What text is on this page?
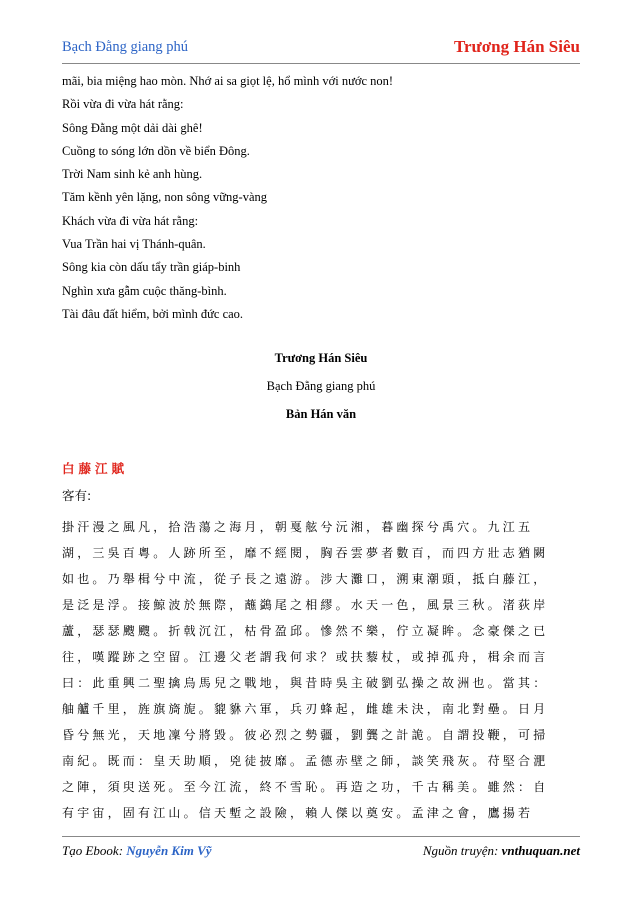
Bạch Đằng giang phú	Trương Hán Siêu
mãi, bia miệng hao mòn. Nhớ ai sa giọt lệ, hổ mình với nước non!
Rồi vừa đi vừa hát rằng:
Sông Đằng một dải dài ghê!
Cuồng to sóng lớn dồn về biển Đông.
Trời Nam sinh kẻ anh hùng.
Tăm kềnh yên lặng, non sông vững-vàng
Khách vừa đi vừa hát rằng:
Vua Trần hai vị Thánh-quân.
Sông kia còn dấu tẩy trần giáp-binh
Nghìn xưa gẫm cuộc thăng-bình.
Tài đâu đất hiểm, bởi mình đức cao.
Trương Hán Siêu
Bạch Đằng giang phú
Bản Hán văn
白藤江賦
客有:
掛汗漫之風凡，拾浩蕩之海月，朝戛舷兮沅湘，暮幽探兮禹穴。九江五
湖，三吳百粵。人跡所至，靡不經閱，胸吞雲夢者數百，而四方壯志猶闕
如也。乃舉楫兮中流，從子長之遠游。涉大灘口，溯東潮頭，抵白藤江，
是泛是浮。接鯨波於無際，蘸鷁尾之相繆。水天一色，風景三秋。渚荻岸
蘆，瑟瑟颼颼。折戟沉江，枯骨盈邱。慘然不樂，佇立凝眸。念豪傑之已
往，嘆蹤跡之空留。江邊父老謂我何求？或扶藜杖，或掉孤舟，楫余而言
曰：此重興二聖擒烏馬兒之戰地，與昔時吳主破劉弘操之故洲也。當其：
舳艫千里，旌旗旖旎。貔貅六軍，兵刃蜂起，雌雄未決，南北對壘。日月
昏兮無光，天地凜兮將毀。彼必烈之勢疆，劉龔之計詭。自謂投鞭，可掃
南紀。既而：皇天助順，兇徒披靡。孟德赤壁之師，談笑飛灰。苻堅合淝
之陣，須臾送死。至今江流，終不雪恥。再造之功，千古稱美。雖然：自
有宇宙，固有江山。信天塹之設險，賴人傑以奠安。孟津之會，鷹揚若
Tạo Ebook: Nguyễn Kim Vỹ	Nguồn truyện: vnthuquan.net
